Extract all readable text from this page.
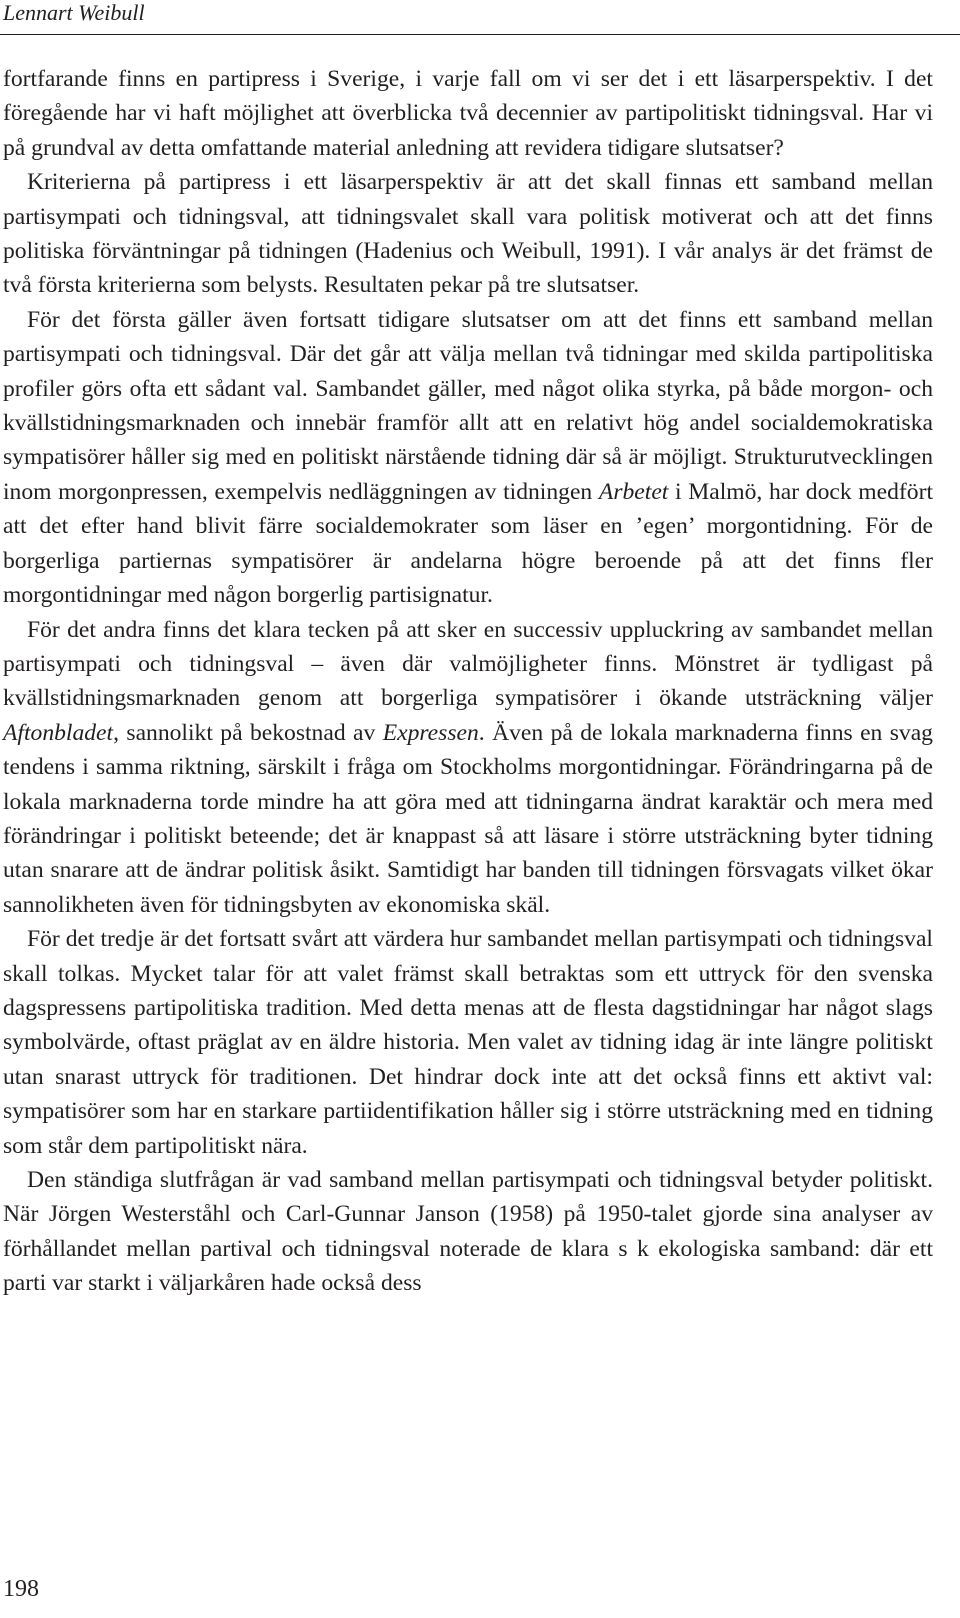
Lennart Weibull

fortfarande finns en partipress i Sverige, i varje fall om vi ser det i ett läsarperspektiv. I det föregående har vi haft möjlighet att överblicka två decennier av partipolitiskt tidningsval. Har vi på grundval av detta omfattande material anledning att revidera tidigare slutsatser?

Kriterierna på partipress i ett läsarperspektiv är att det skall finnas ett samband mellan partisympati och tidningsval, att tidningsvalet skall vara politisk motiverat och att det finns politiska förväntningar på tidningen (Hadenius och Weibull, 1991). I vår analys är det främst de två första kriterierna som belysts. Resultaten pekar på tre slutsatser.

För det första gäller även fortsatt tidigare slutsatser om att det finns ett samband mellan partisympati och tidningsval. Där det går att välja mellan två tidningar med skilda partipolitiska profiler görs ofta ett sådant val. Sambandet gäller, med något olika styrka, på både morgon- och kvällstidningsmarknaden och innebär framför allt att en relativt hög andel socialdemokratiska sympatisörer håller sig med en politiskt närstående tidning där så är möjligt. Strukturutvecklingen inom morgonpressen, exempelvis nedläggningen av tidningen Arbetet i Malmö, har dock medfört att det efter hand blivit färre socialdemokrater som läser en ’egen’ morgontidning. För de borgerliga partiernas sympatisörer är andelarna högre beroende på att det finns fler morgontidningar med någon borgerlig partisignatur.

För det andra finns det klara tecken på att sker en successiv uppluckring av sambandet mellan partisympati och tidningsval – även där valmöjligheter finns. Mönstret är tydligast på kvällstidningsmarknaden genom att borgerliga sympatisörer i ökande utsträckning väljer Aftonbladet, sannolikt på bekostnad av Expressen. Även på de lokala marknaderna finns en svag tendens i samma riktning, särskilt i fråga om Stockholms morgontidningar. Förändringarna på de lokala marknaderna torde mindre ha att göra med att tidningarna ändrat karaktär och mera med förändringar i politiskt beteende; det är knappast så att läsare i större utsträckning byter tidning utan snarare att de ändrar politisk åsikt. Samtidigt har banden till tidningen försvagats vilket ökar sannolikheten även för tidningsbyten av ekonomiska skäl.

För det tredje är det fortsatt svårt att värdera hur sambandet mellan partisympati och tidningsval skall tolkas. Mycket talar för att valet främst skall betraktas som ett uttryck för den svenska dagspressens partipolitiska tradition. Med detta menas att de flesta dagstidningar har något slags symbolvärde, oftast präglat av en äldre historia. Men valet av tidning idag är inte längre politiskt utan snarast uttryck för traditionen. Det hindrar dock inte att det också finns ett aktivt val: sympatisörer som har en starkare partiidentifikation håller sig i större utsträckning med en tidning som står dem partipolitiskt nära.

Den ständiga slutfrågan är vad samband mellan partisympati och tidningsval betyder politiskt. När Jörgen Westerståhl och Carl-Gunnar Janson (1958) på 1950-talet gjorde sina analyser av förhållandet mellan partival och tidningsval noterade de klara s k ekologiska samband: där ett parti var starkt i väljarkåren hade också dess

198
